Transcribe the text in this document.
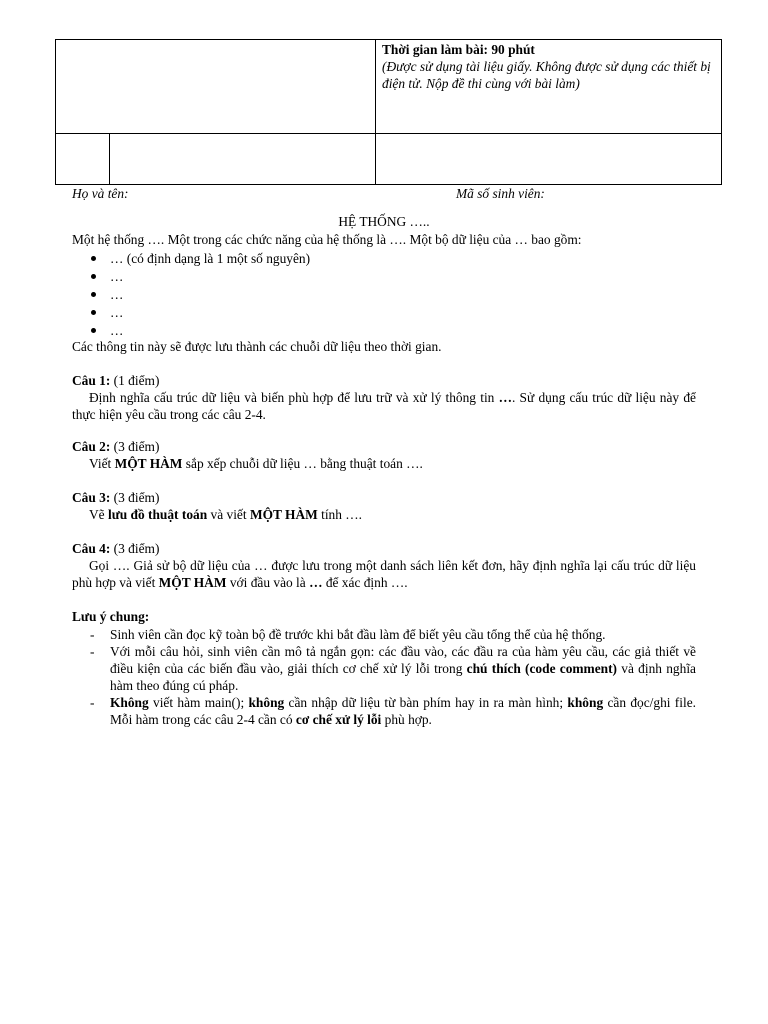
Thời gian làm bài: 90 phút
(Được sử dụng tài liệu giấy. Không được sử dụng các thiết bị điện tử. Nộp đề thi cùng với bài làm)
Họ và tên:	Mã số sinh viên:
HỆ THỐNG …..
Một hệ thống …. Một trong các chức năng của hệ thống là …. Một bộ dữ liệu của … bao gồm:
… (có định dạng là 1 một số nguyên)
…
…
…
…
Các thông tin này sẽ được lưu thành các chuỗi dữ liệu theo thời gian.
Câu 1: (1 điểm)
Định nghĩa cấu trúc dữ liệu và biến phù hợp để lưu trữ và xử lý thông tin …. Sử dụng cấu trúc dữ liệu này để thực hiện yêu cầu trong các câu 2-4.
Câu 2: (3 điểm)
Viết MỘT HÀM sắp xếp chuỗi dữ liệu … bằng thuật toán ….
Câu 3: (3 điểm)
Vẽ lưu đồ thuật toán và viết MỘT HÀM tính ….
Câu 4: (3 điểm)
Gọi …. Giả sử bộ dữ liệu của … được lưu trong một danh sách liên kết đơn, hãy định nghĩa lại cấu trúc dữ liệu phù hợp và viết MỘT HÀM với đầu vào là … để xác định ….
Lưu ý chung:
- Sinh viên cần đọc kỹ toàn bộ đề trước khi bắt đầu làm để biết yêu cầu tổng thể của hệ thống.
- Với mỗi câu hỏi, sinh viên cần mô tả ngắn gọn: các đầu vào, các đầu ra của hàm yêu cầu, các giả thiết về điều kiện của các biến đầu vào, giải thích cơ chế xử lý lỗi trong chú thích (code comment) và định nghĩa hàm theo đúng cú pháp.
- Không viết hàm main(); không cần nhập dữ liệu từ bàn phím hay in ra màn hình; không cần đọc/ghi file. Mỗi hàm trong các câu 2-4 cần có cơ chế xử lý lỗi phù hợp.
